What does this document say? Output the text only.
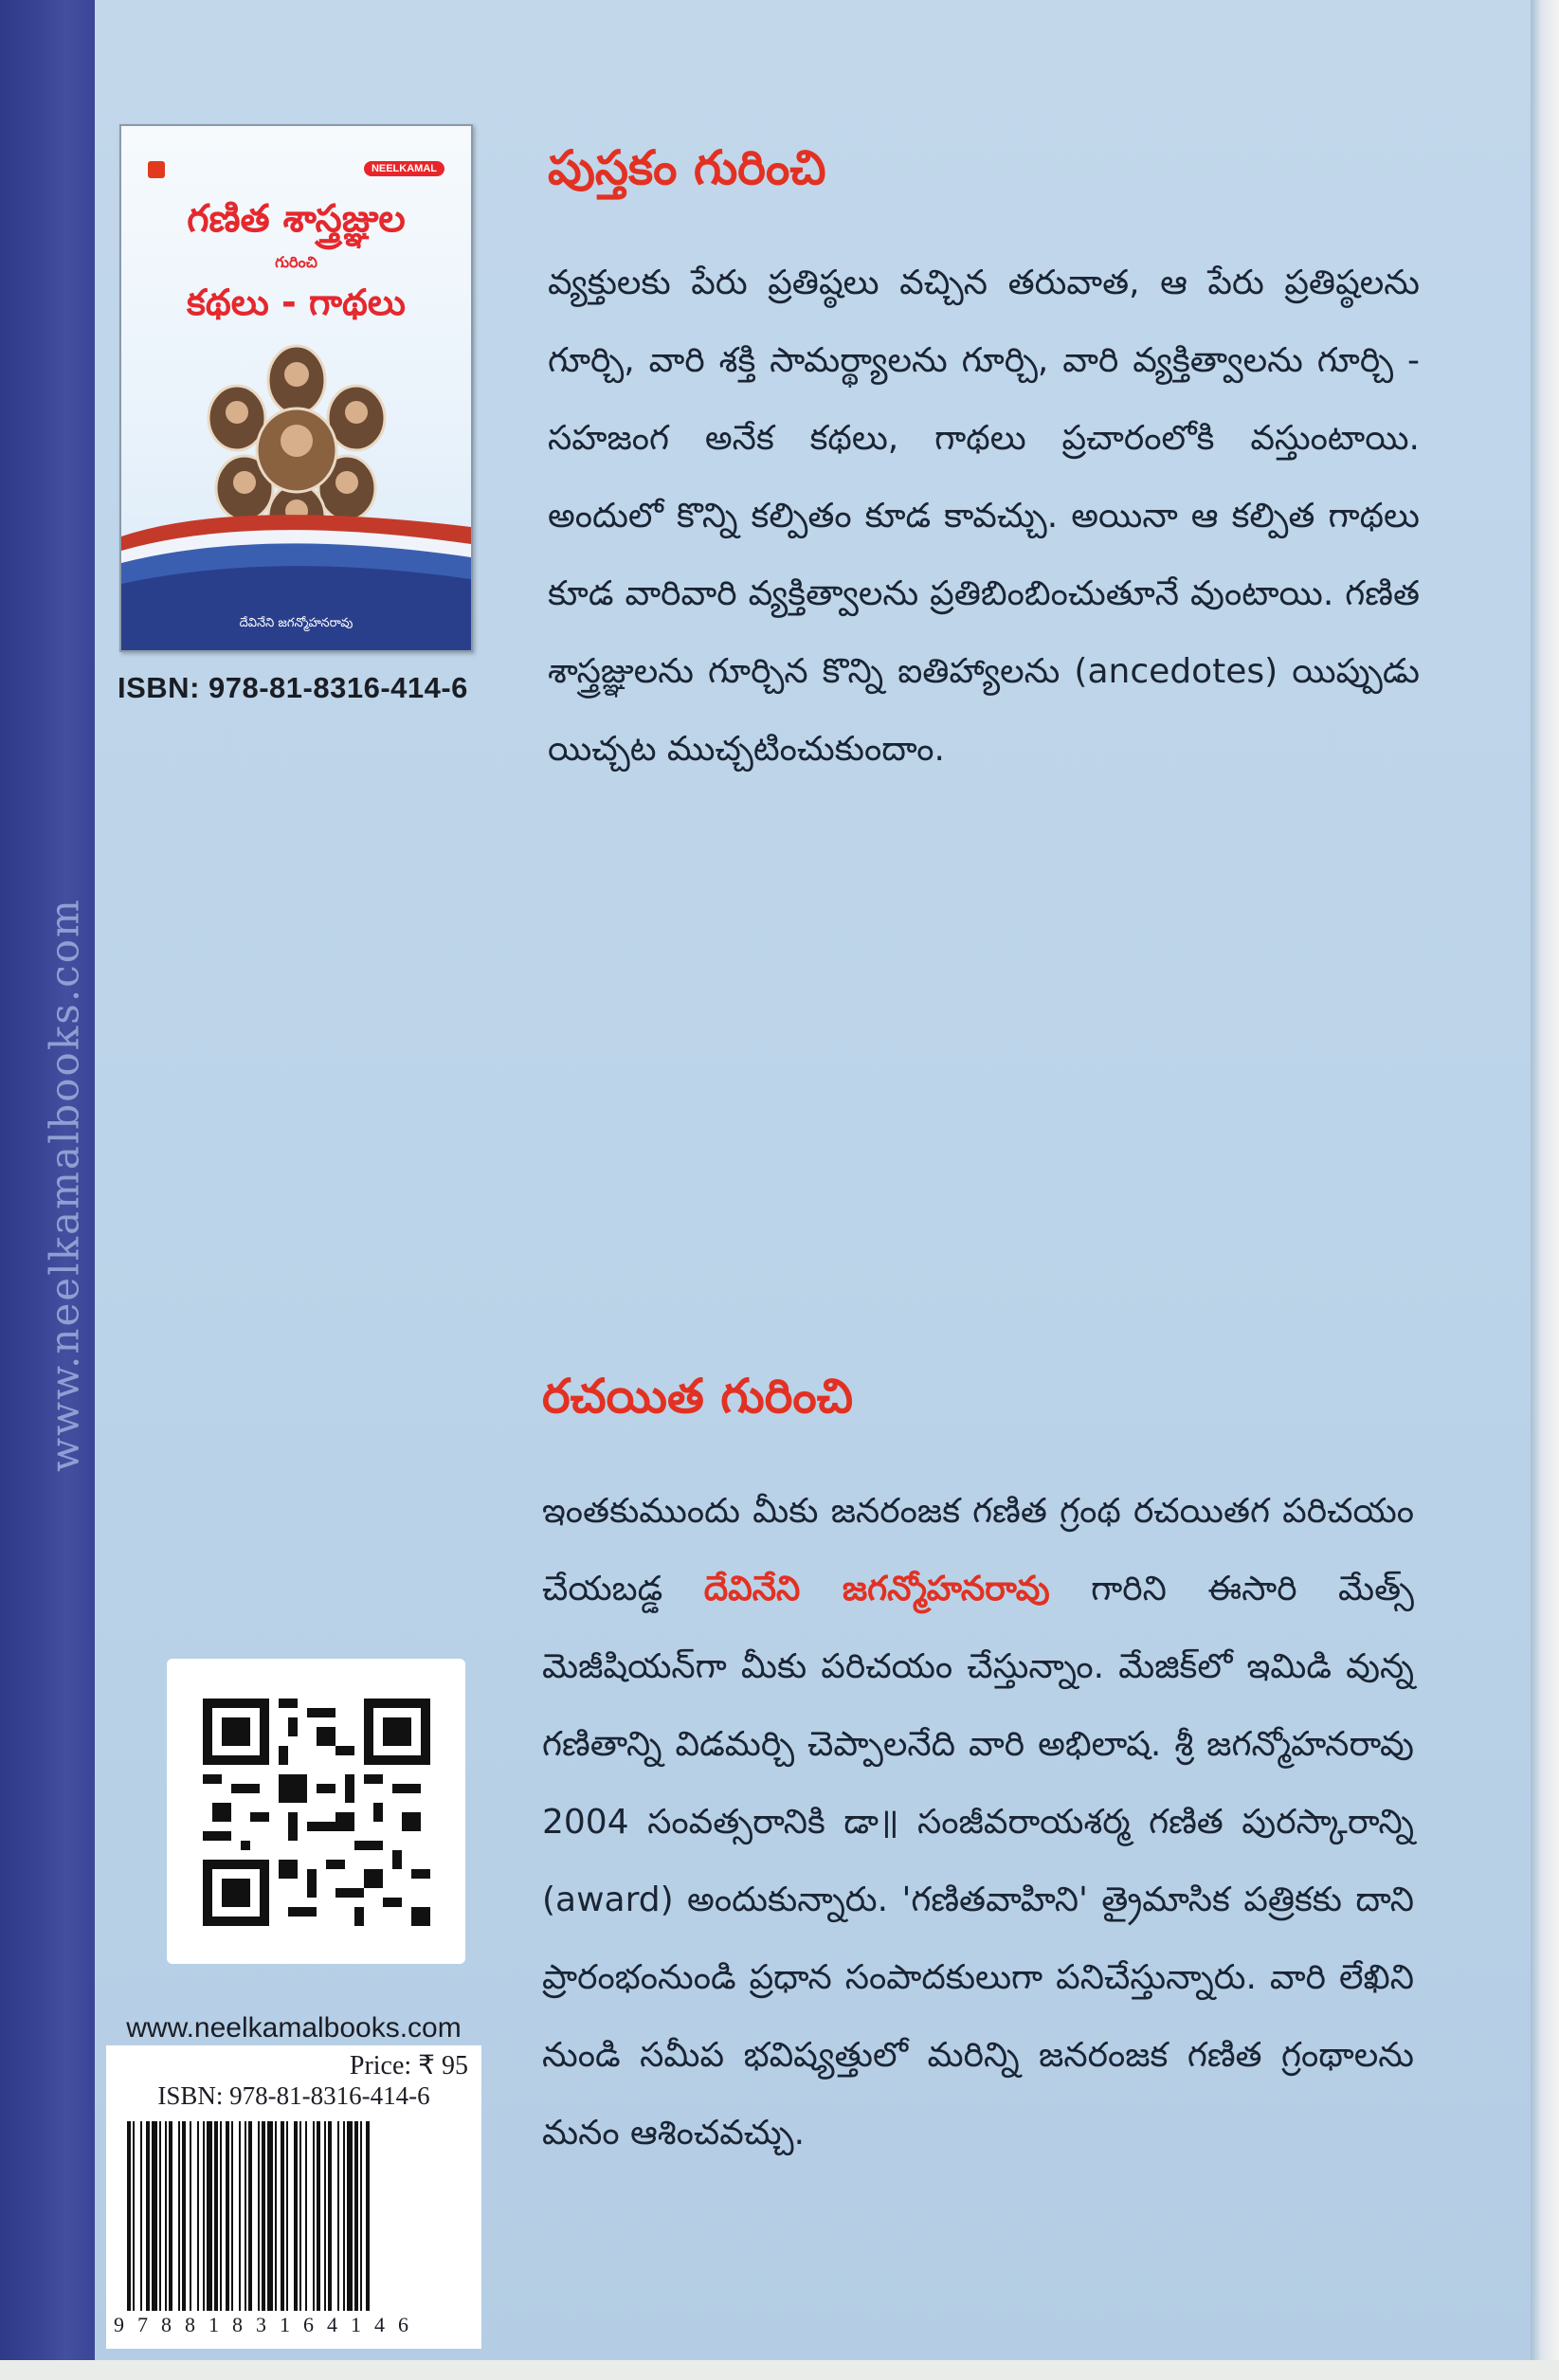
www.neelkamalbooks.com
NEELKAMAL
గణిత శాస్త్రజ్ఞుల
గురించి
కథలు - గాథలు
దేవినేని జగన్మోహనరావు
ISBN: 978-81-8316-414-6
పుస్తకం గురించి

వ్యక్తులకు పేరు ప్రతిష్ఠలు వచ్చిన తరువాత, ఆ పేరు ప్రతిష్ఠలను గూర్చి, వారి శక్తి సామర్థ్యాలను గూర్చి, వారి వ్యక్తిత్వాలను గూర్చి - సహజంగ అనేక కథలు, గాథలు ప్రచారంలోకి వస్తుంటాయి. అందులో కొన్ని కల్పితం కూడ కావచ్చు. అయినా ఆ కల్పిత గాథలు కూడ వారివారి వ్యక్తిత్వాలను ప్రతిబింబించుతూనే వుంటాయి. గణిత శాస్త్రజ్ఞులను గూర్చిన కొన్ని ఐతిహ్యాలను (ancedotes) యిప్పుడు యిచ్చట ముచ్చటించుకుందాం.

రచయిత గురించి

ఇంతకుముందు మీకు జనరంజక గణిత గ్రంథ రచయితగ పరిచయం చేయబడ్డ దేవినేని జగన్మోహనరావు గారిని ఈసారి మేత్స్ మెజీషియన్‌గా మీకు పరిచయం చేస్తున్నాం. మేజిక్‌లో ఇమిడి వున్న గణితాన్ని విడమర్చి చెప్పాలనేది వారి అభిలాష. శ్రీ జగన్మోహనరావు 2004 సంవత్సరానికి డా॥ సంజీవరాయశర్మ గణిత పురస్కారాన్ని (award) అందుకున్నారు. 'గణితవాహిని' త్రైమాసిక పత్రికకు దాని ప్రారంభంనుండి ప్రధాన సంపాదకులుగా పనిచేస్తున్నారు. వారి లేఖిని నుండి సమీప భవిష్యత్తులో మరిన్ని జనరంజక గణిత గ్రంథాలను మనం ఆశించవచ్చు.

www.neelkamalbooks.com
Price: ₹ 95
ISBN: 978-81-8316-414-6
9788183164146
